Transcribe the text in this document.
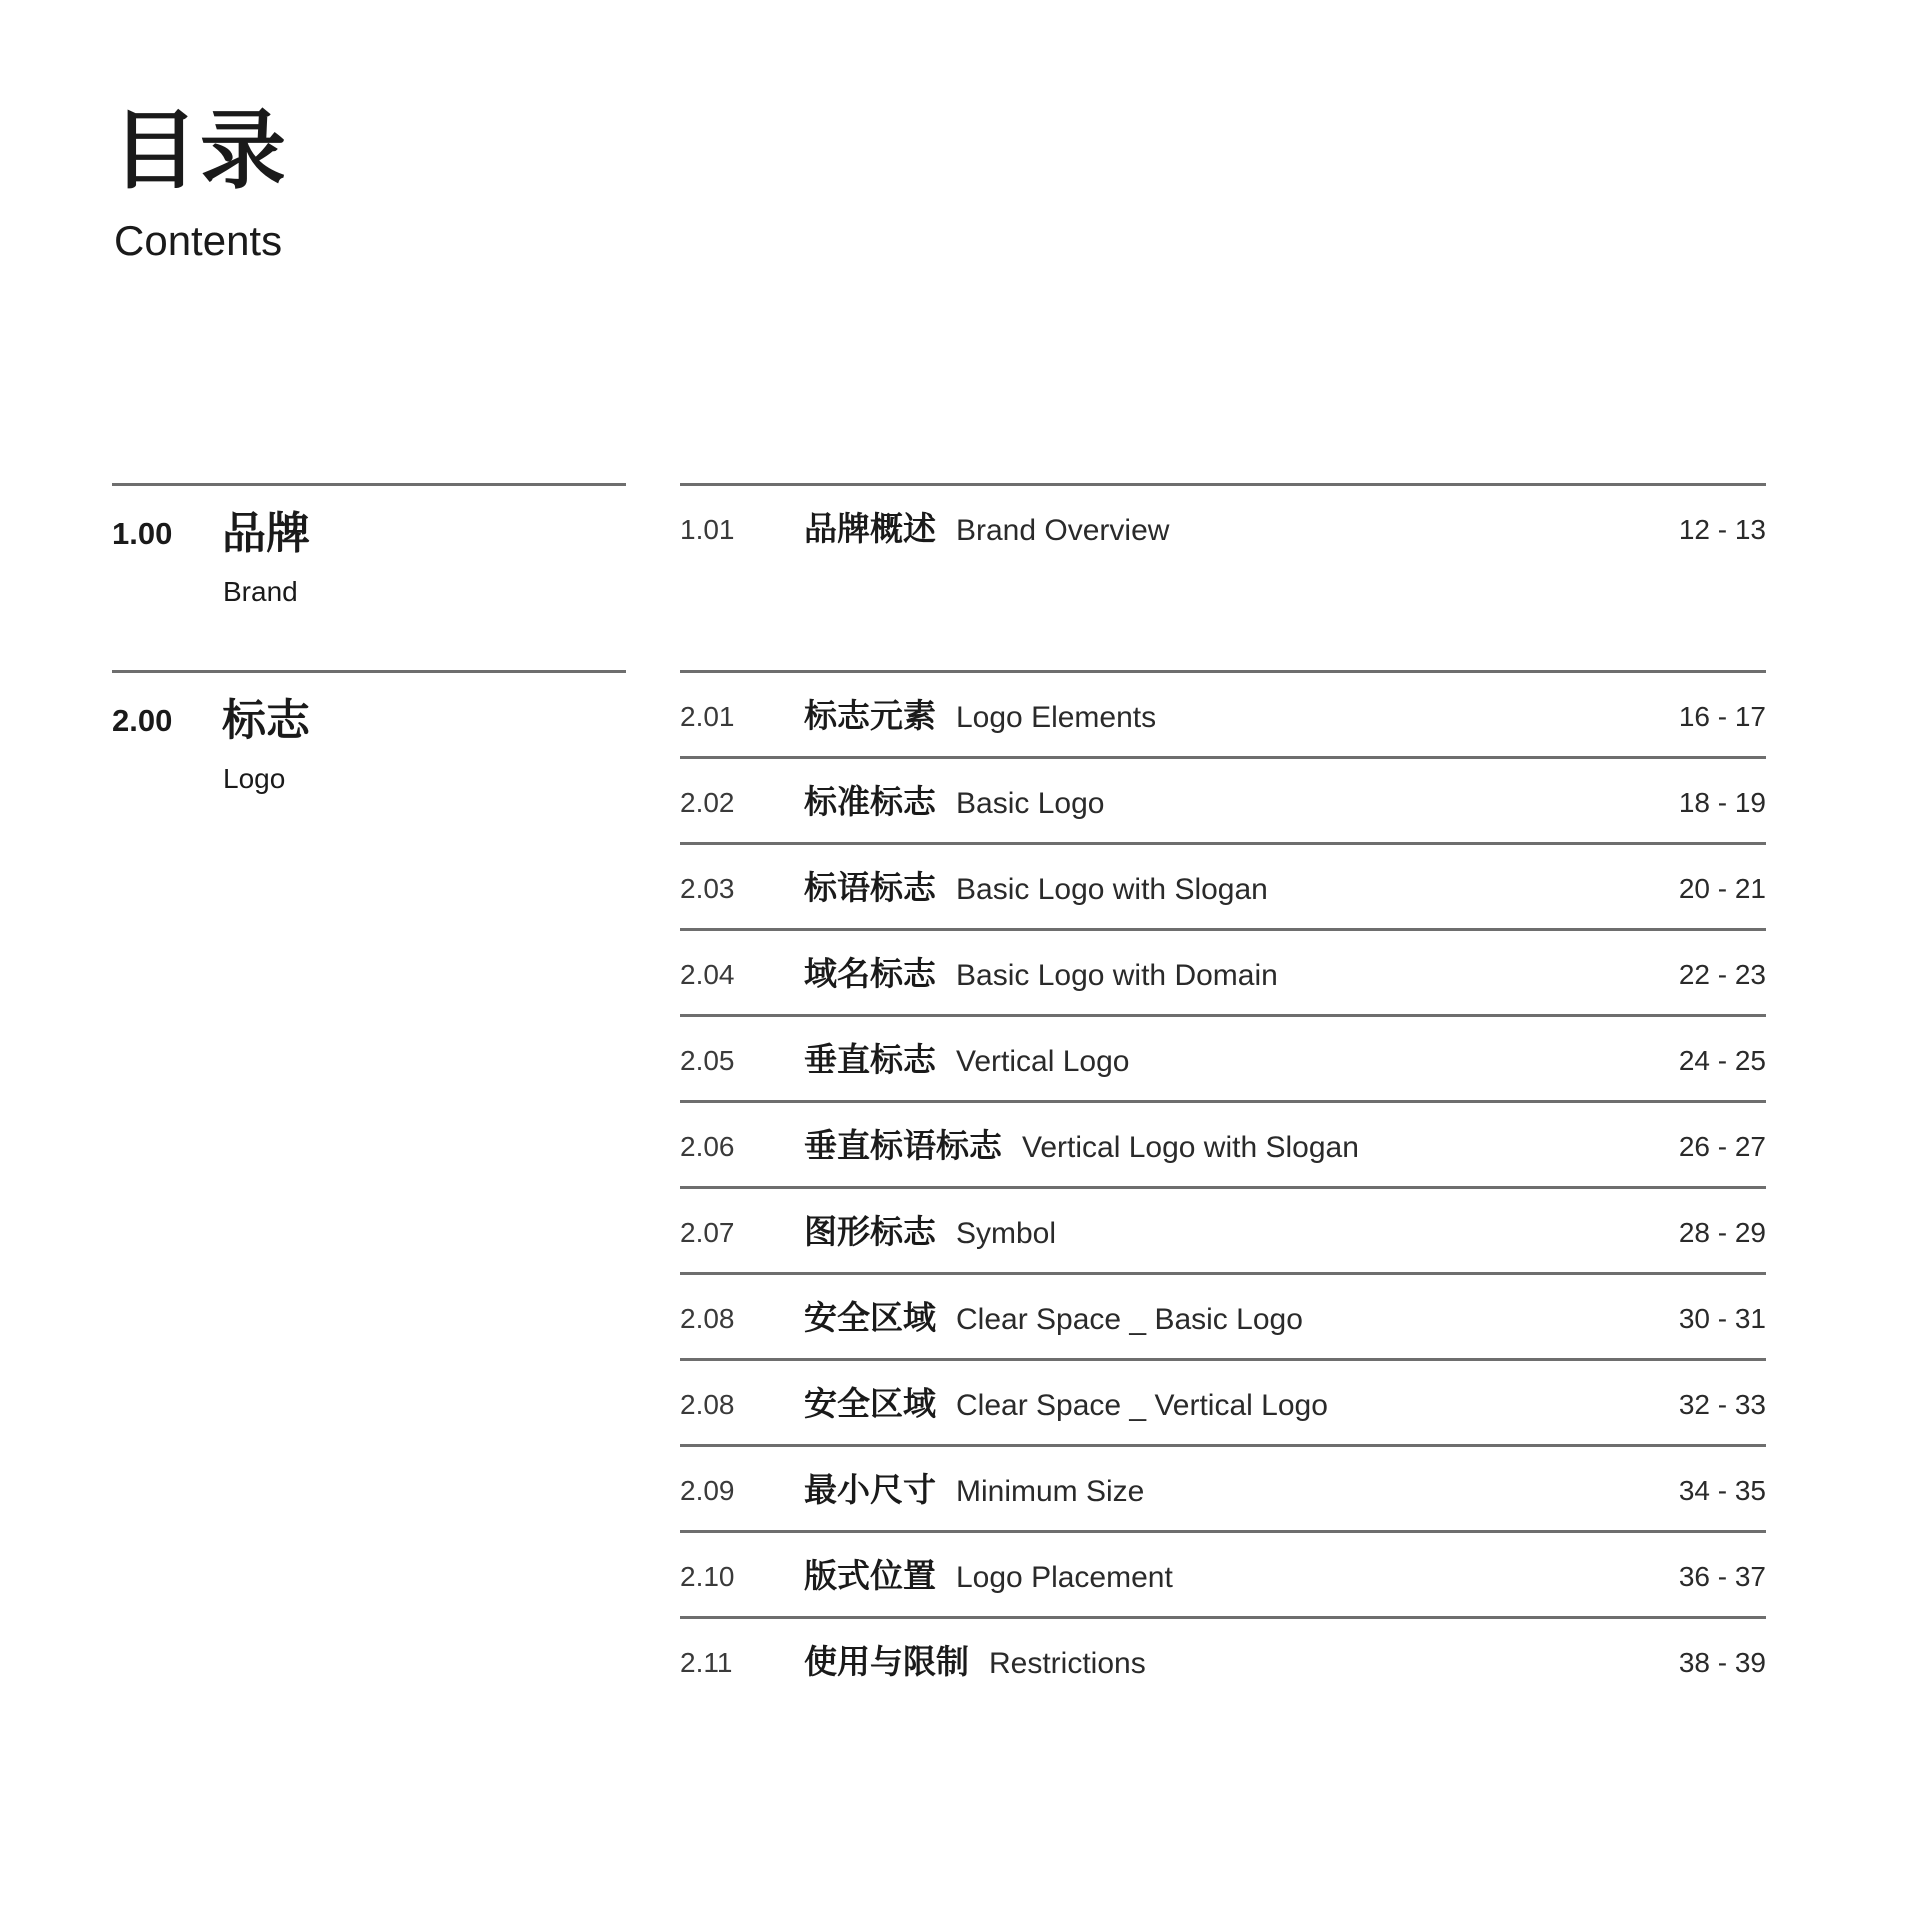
目录
Contents
1.00 品牌
Brand
2.00 标志
Logo
1.01 品牌概述 Brand Overview	12 - 13
2.01 标志元素 Logo Elements	16 - 17
2.02 标准标志 Basic Logo	18 - 19
2.03 标语标志 Basic Logo with Slogan	20 - 21
2.04 域名标志 Basic Logo with Domain	22 - 23
2.05 垂直标志 Vertical Logo	24 - 25
2.06 垂直标语标志 Vertical Logo with Slogan	26 - 27
2.07 图形标志 Symbol	28 - 29
2.08 安全区域 Clear Space _ Basic Logo	30 - 31
2.08 安全区域 Clear Space _ Vertical Logo	32 - 33
2.09 最小尺寸 Minimum Size	34 - 35
2.10 版式位置 Logo Placement	36 - 37
2.11 使用与限制 Restrictions	38 - 39
